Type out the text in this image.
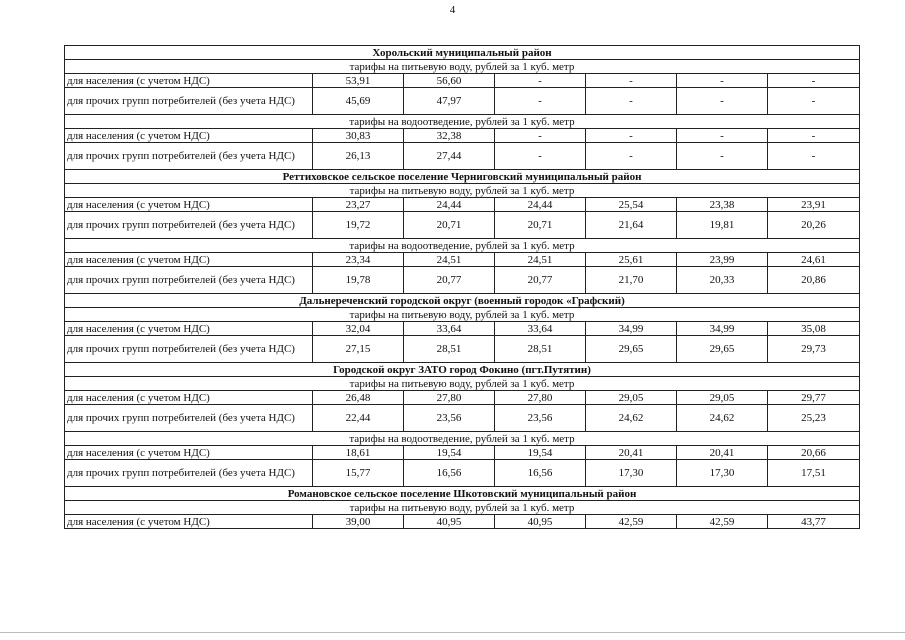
4
Хорольский муниципальный район						
тарифы на питьевую воду, рублей за 1 куб. метр						
для населения (с учетом НДС)	53,91	56,60	-	-	-	-
для прочих групп потребителей (без учета НДС)	45,69	47,97	-	-	-	-
тарифы на водоотведение, рублей за 1 куб. метр						
для населения (с учетом НДС)	30,83	32,38	-	-	-	-
для прочих групп потребителей (без учета НДС)	26,13	27,44	-	-	-	-
Реттиховское сельское поселение Черниговский муниципальный район						
тарифы на питьевую воду, рублей за 1 куб. метр						
для населения (с учетом НДС)	23,27	24,44	24,44	25,54	23,38	23,91
для прочих групп потребителей (без учета НДС)	19,72	20,71	20,71	21,64	19,81	20,26
тарифы на водоотведение, рублей за 1 куб. метр						
для населения (с учетом НДС)	23,34	24,51	24,51	25,61	23,99	24,61
для прочих групп потребителей (без учета НДС)	19,78	20,77	20,77	21,70	20,33	20,86
Дальнереченский городской округ (военный городок «Графский)						
тарифы на питьевую воду, рублей за 1 куб. метр						
для населения (с учетом НДС)	32,04	33,64	33,64	34,99	34,99	35,08
для прочих групп потребителей (без учета НДС)	27,15	28,51	28,51	29,65	29,65	29,73
Городской округ ЗАТО город Фокино (пгт.Путятин)						
тарифы на питьевую воду, рублей за 1 куб. метр						
для населения (с учетом НДС)	26,48	27,80	27,80	29,05	29,05	29,77
для прочих групп потребителей (без учета НДС)	22,44	23,56	23,56	24,62	24,62	25,23
тарифы на водоотведение, рублей за 1 куб. метр						
для населения (с учетом НДС)	18,61	19,54	19,54	20,41	20,41	20,66
для прочих групп потребителей (без учета НДС)	15,77	16,56	16,56	17,30	17,30	17,51
Романовское сельское поселение Шкотовский муниципальный район						
тарифы на питьевую воду, рублей за 1 куб. метр						
для населения (с учетом НДС)	39,00	40,95	40,95	42,59	42,59	43,77
